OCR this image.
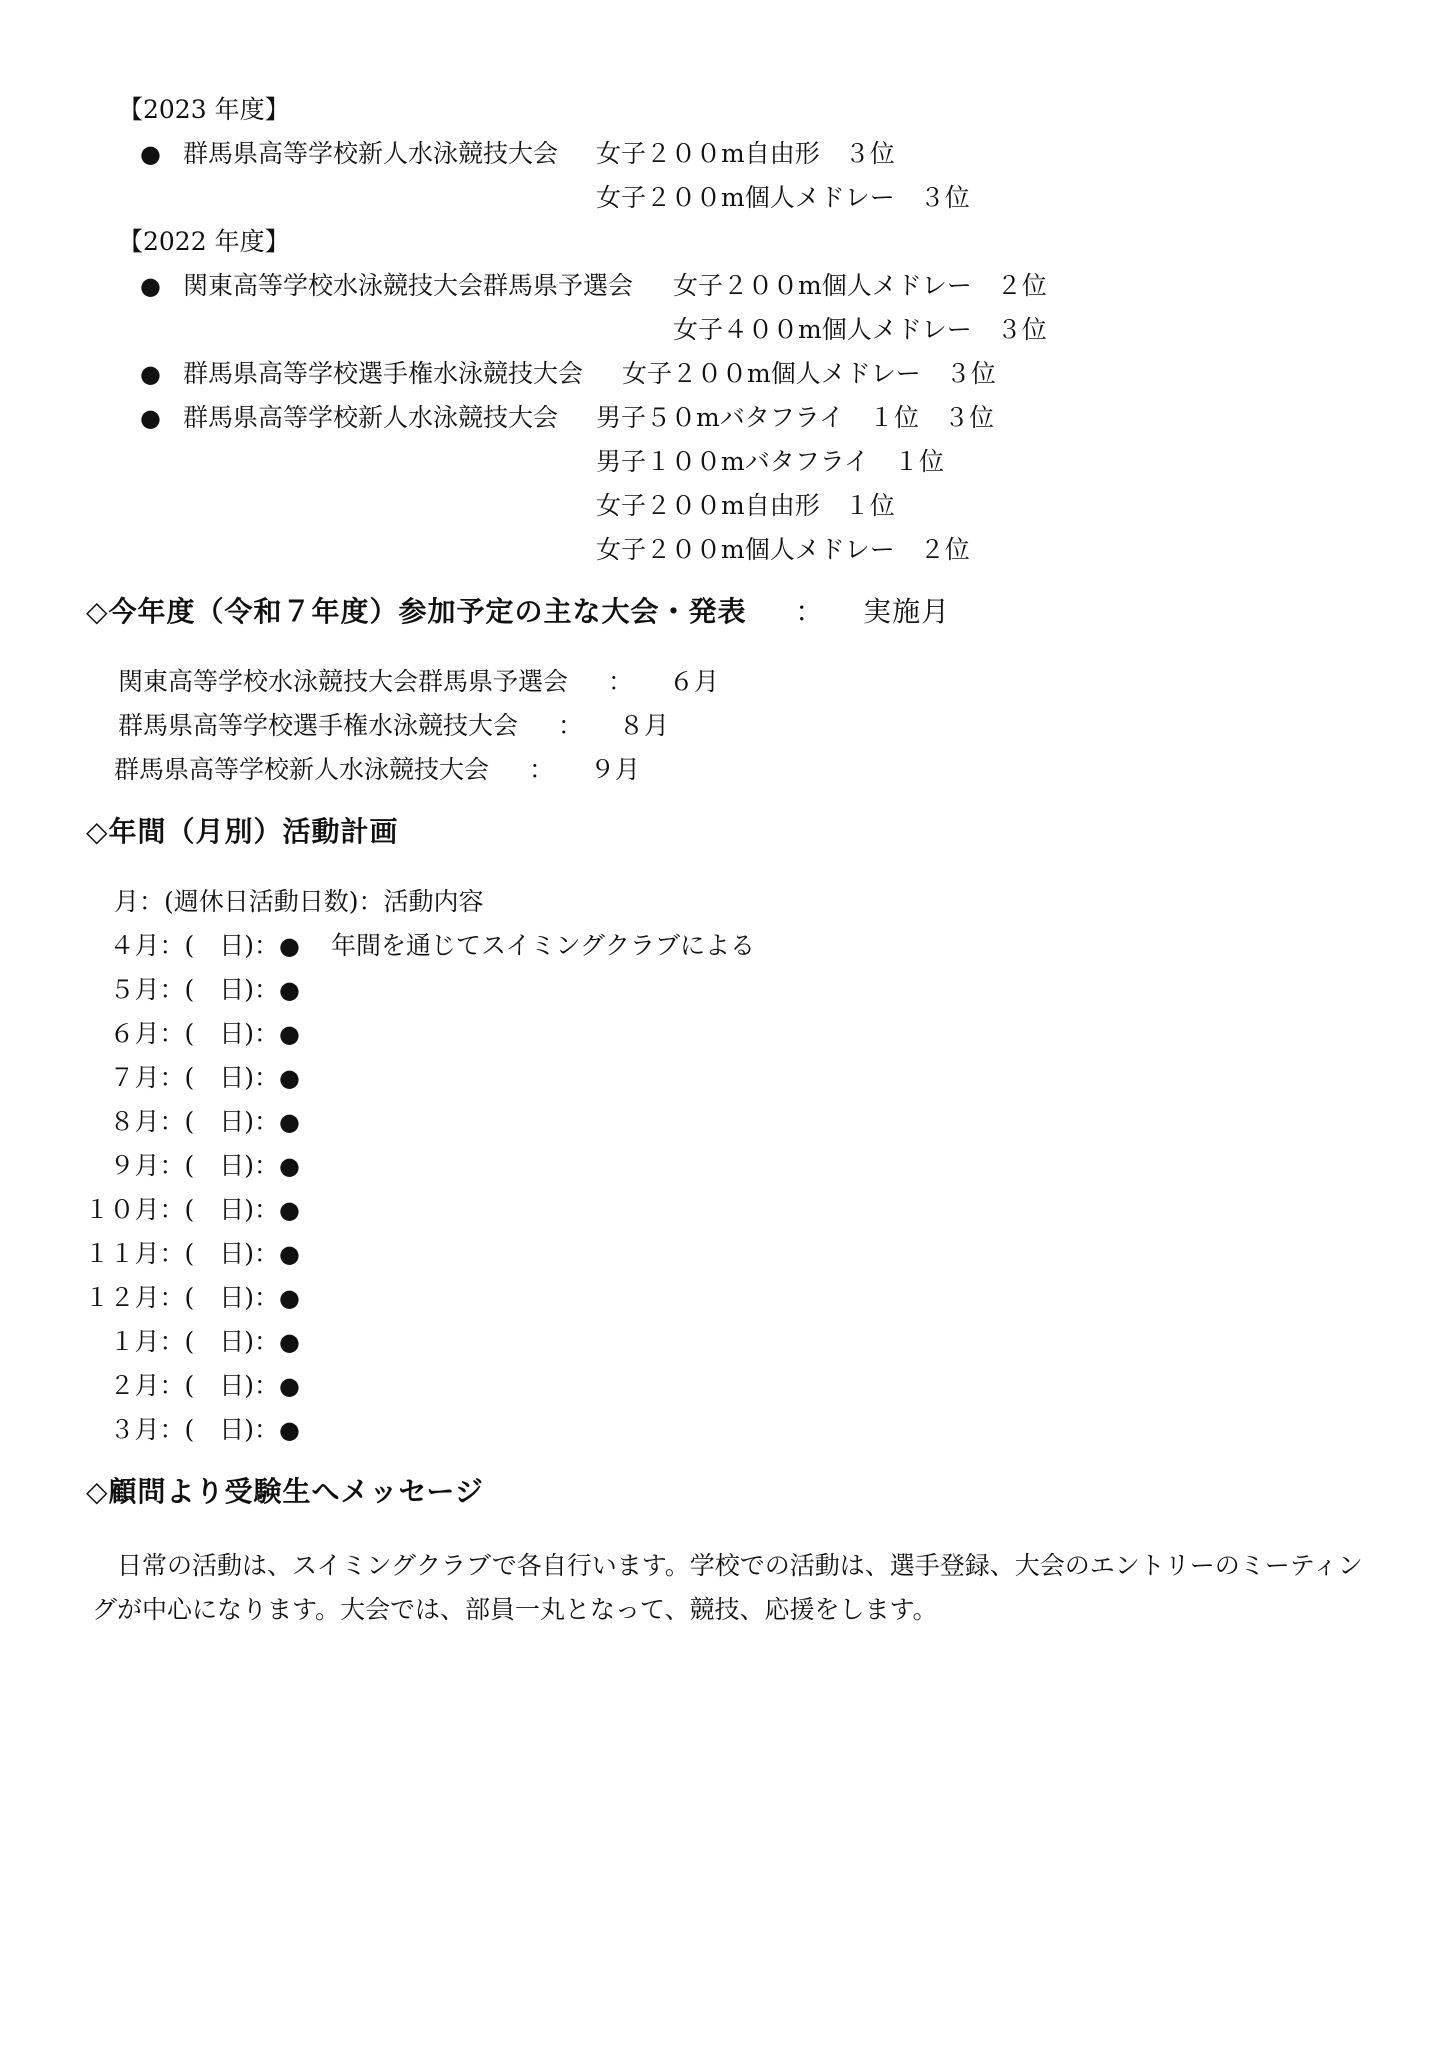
【2023 年度】
● 群馬県高等学校新人水泳競技大会 女子２００m自由形　３位
女子２００m個人メドレー　３位
【2022 年度】
● 関東高等学校水泳競技大会群馬県予選会 女子２００m個人メドレー　２位
女子４００m個人メドレー　３位
● 群馬県高等学校選手権水泳競技大会 女子２００m個人メドレー　３位
● 群馬県高等学校新人水泳競技大会 男子５０mバタフライ　１位　３位
男子１００mバタフライ　１位
女子２００m自由形　１位
女子２００m個人メドレー　２位
◇今年度（令和７年度）参加予定の主な大会・発表 ： 実施月
関東高等学校水泳競技大会群馬県予選会 ： ６月
群馬県高等学校選手権水泳競技大会 ： ８月
群馬県高等学校新人水泳競技大会 ： ９月
◇年間（月別）活動計画
月：(週休日活動日数)：活動内容
４月：(　日)：● 　年間を通じてスイミングクラブによる
５月：(　日)：●
６月：(　日)：●
７月：(　日)：●
８月：(　日)：●
９月：(　日)：●
１０月：(　日)：●
１１月：(　日)：●
１２月：(　日)：●
１月：(　日)：●
２月：(　日)：●
３月：(　日)：●
◇顧問より受験生へメッセージ
日常の活動は、スイミングクラブで各自行います。学校での活動は、選手登録、大会のエントリーのミーティングが中心になります。大会では、部員一丸となって、競技、応援をします。
